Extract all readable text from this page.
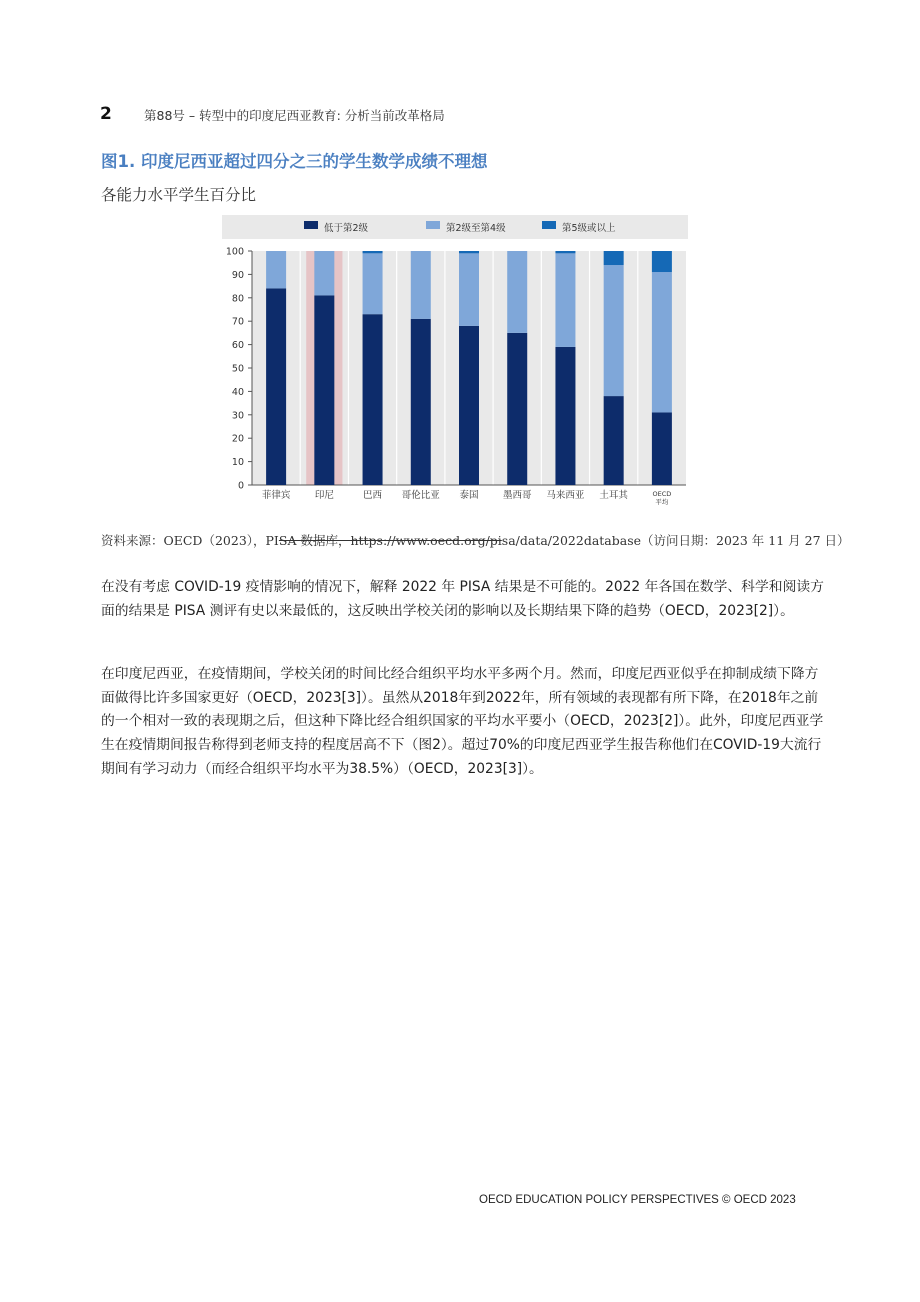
2	第88号 – 转型中的印度尼西亚教育: 分析当前改革格局
图1. 印度尼西亚超过四分之三的学生数学成绩不理想
各能力水平学生百分比
0
10
20
30
40
50
60
70
80
90
100
菲律宾	印尼	巴西 哥伦比亚 泰国	墨西哥 马来西亚 土耳其	OECD
平均
低于第2级	第2级至第4级	第5级或以上
资料来源：OECD（2023），PISA 数据库，https://www.oecd.org/pisa/data/2022database（访问日期：2023 年 11 月 27 日）

在没有考虑 COVID-19 疫情影响的情况下，解释 2022 年 PISA 结果是不可能的。2022 年各国在数学、科学和阅读方面的结果是 PISA 测评有史以来最低的，这反映出学校关闭的影响以及长期结果下降的趋势（OECD，2023[2]）。

在印度尼西亚，在疫情期间，学校关闭的时间比经合组织平均水平多两个月。然而，印度尼西亚似乎在抑制成绩下降方面做得比许多国家更好（OECD，2023[3]）。虽然从2018年到2022年，所有领域的表现都有所下降，在2018年之前的一个相对一致的表现期之后，但这种下降比经合组织国家的平均水平要小（OECD，2023[2]）。此外，印度尼西亚学生在疫情期间报告称得到老师支持的程度居高不下（图2）。超过70%的印度尼西亚学生报告称他们在COVID-19大流行期间有学习动力（而经合组织平均水平为38.5%）（OECD，2023[3]）。

OECD EDUCATION POLICY PERSPECTIVES © OECD 2023
